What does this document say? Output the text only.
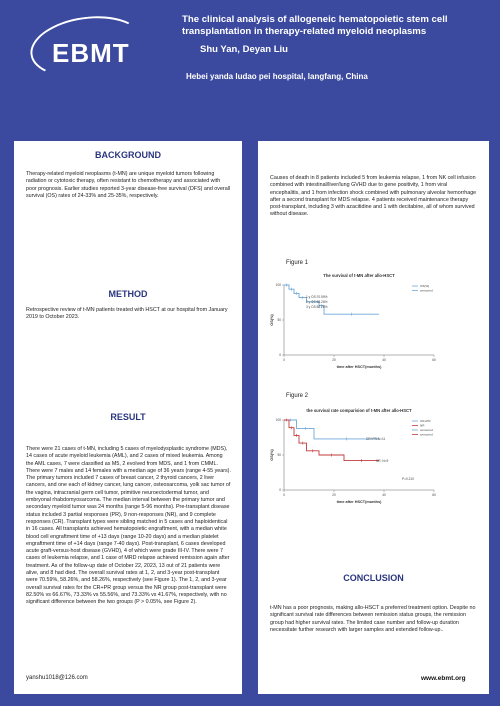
EBMT
The clinical analysis of allogeneic hematopoietic stem cell transplantation in therapy-related myeloid neoplasms
Shu Yan, Deyan Liu
Hebei yanda ludao pei hospital, langfang, China
BACKGROUND

Therapy-related myeloid neoplasms (t-MN) are unique myeloid tumors following radiation or cytotoxic therapy, often resistant to chemotherapy and associated with poor prognosis. Earlier studies reported 3-year disease-free survival (DFS) and overall survival (OS) rates of 24-33% and 25-35%, respectively.

METHOD

Retrospective review of t-MN patients treated with HSCT at our hospital from January 2019 to October 2023.

RESULT

There were 21 cases of t-MN, including 5 cases of myelodysplastic syndrome (MDS), 14 cases of acute myeloid leukemia (AML), and 2 cases of mixed leukemia. Among the AML cases, 7 were classified as M5, 2 evolved from MDS, and 1 from CMML. There were 7 males and 14 females with a median age of 36 years (range 4-55 years). The primary tumors included 7 cases of breast cancer, 2 thyroid cancers, 2 liver cancers, and one each of kidney cancer, lung cancer, osteosarcoma, yolk sac tumor of the vagina, intracranial germ cell tumor, primitive neuroectodermal tumor, and embryonal rhabdomyosarcoma. The median interval between the primary tumor and secondary myeloid tumor was 24 months (range 5-96 months). Pre-transplant disease status included 3 partial responses (PR), 9 non-responses (NR), and 9 complete responses (CR). Transplant types were sibling matched in 5 cases and haploidentical in 16 cases. All transplants achieved hematopoietic engraftment, with a median white blood cell engraftment time of +13 days (range 10-20 days) and a median platelet engraftment time of +14 days (range 7-40 days). Post-transplant, 6 cases developed acute graft-versus-host disease (GVHD), 4 of which were grade III-IV. There were 7 cases of leukemia relapse, and 1 case of MRD relapse achieved remission again after treatment. As of the follow-up date of October 22, 2023, 13 out of 21 patients were alive, and 8 had died. The overall survival rates at 1, 2, and 3-year post-transplant were 70.59%, 58.26%, and 58.26%, respectively (see Figure 1). The 1, 2, and 3-year overall survival rates for the CR+PR group versus the NR group post-transplant were 82.50% vs 66.67%, 73.33% vs 55.56%, and 73.33% vs 41.67%, respectively, with no significant difference between the two groups (P > 0.05%, see Figure 2).

yanshu1018@126.com

Causes of death in 8 patients included 5 from leukemia relapse, 1 from NK cell infusion combined with intestinal/liver/lung GVHD due to gene positivity, 1 from viral encephalitis, and 1 from infection shock combined with pulmonary alveolar hemorrhage after a second transplant for MDS relapse. 4 patients received maintenance therapy post-transplant, including 3 with azacitidine and 1 with decitabine, all of whom survived without disease.

Figure 1
The survival of t-MN after allo-HSCT
0	20	40	60
0
50
100
time after HSCT(months)
OS(%)
1 y OS:70.59%
2 y OS:58.26%
3 y OS:58.26%
OS(%)
censored
Figure 2
the survival rate comparision of t-MN after allo-HSCT
0	20	40	60
0
50
100
time after HSCT(months)
OS(%)
CR+PR:N=11
NR: N=9
P=0.210
CR+PR
NR
censored
censored
CONCLUSION

t-MN has a poor prognosis, making allo-HSCT a preferred treatment option. Despite no significant survival rate differences between remission status groups, the remission group had higher survival rates. The limited case number and follow-up duration necessitate further research with larger samples and extended follow-up..

www.ebmt.org
